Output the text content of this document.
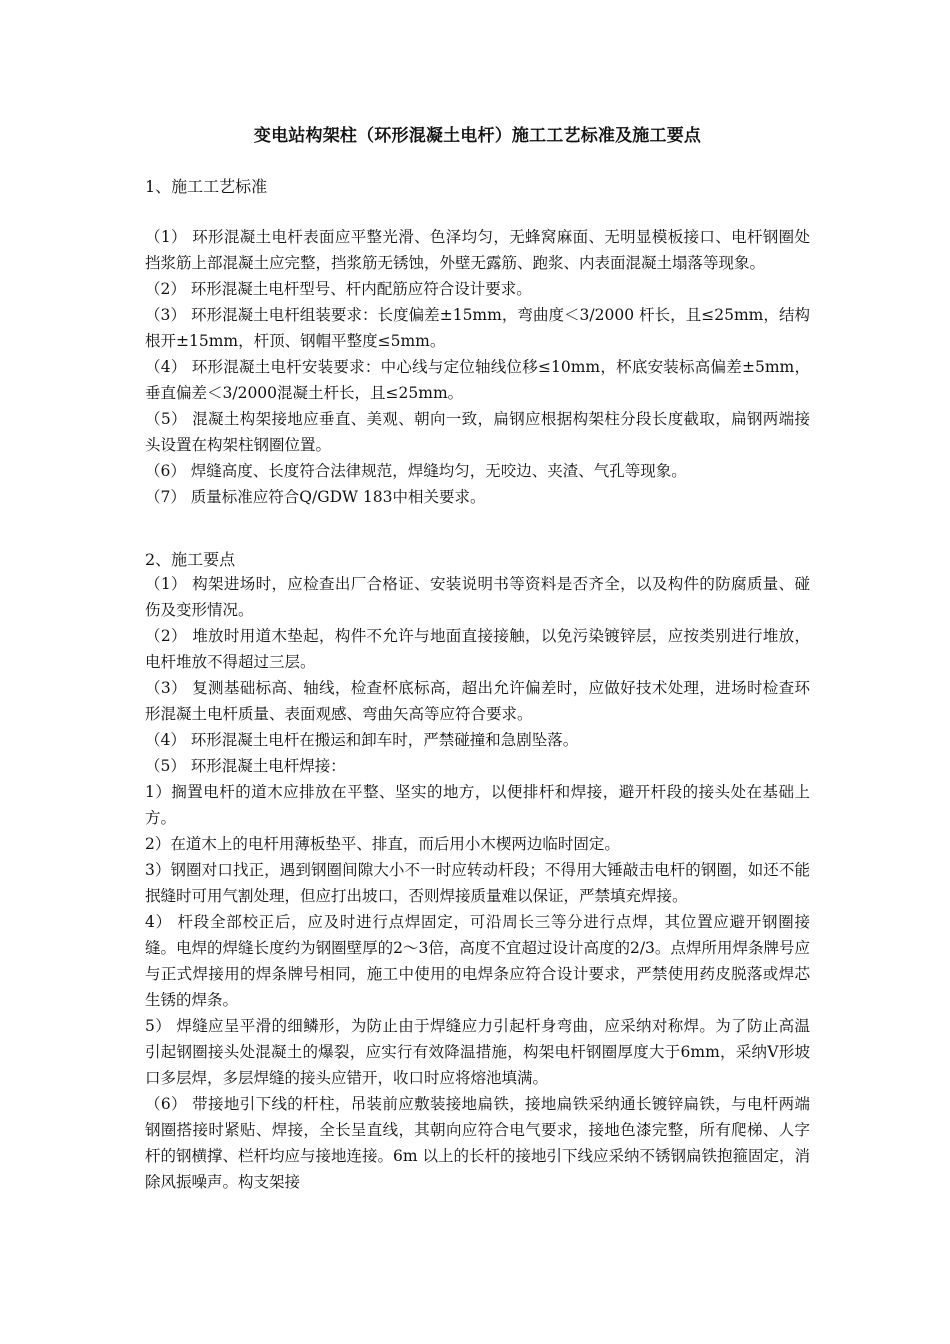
变电站构架柱（环形混凝土电杆）施工工艺标准及施工要点
1、施工工艺标准

（1） 环形混凝土电杆表面应平整光滑、色泽均匀，无蜂窝麻面、无明显模板接口、电杆钢圈处挡浆筋上部混凝土应完整，挡浆筋无锈蚀，外壁无露筋、跑浆、内表面混凝土塌落等现象。

（2） 环形混凝土电杆型号、杆内配筋应符合设计要求。

（3） 环形混凝土电杆组装要求：长度偏差±15mm，弯曲度＜3/2000 杆长，且≤25mm，结构根开±15mm，杆顶、钢帽平整度≤5mm。

（4） 环形混凝土电杆安装要求：中心线与定位轴线位移≤10mm，杯底安装标高偏差±5mm，垂直偏差＜3/2000混凝土杆长，且≤25mm。

（5） 混凝土构架接地应垂直、美观、朝向一致，扁钢应根据构架柱分段长度截取，扁钢两端接头设置在构架柱钢圈位置。

（6） 焊缝高度、长度符合法律规范，焊缝均匀，无咬边、夹渣、气孔等现象。

（7） 质量标准应符合Q/GDW 183中相关要求。

2、施工要点

（1） 构架进场时，应检查出厂合格证、安装说明书等资料是否齐全，以及构件的防腐质量、碰伤及变形情况。

（2） 堆放时用道木垫起，构件不允许与地面直接接触，以免污染镀锌层，应按类别进行堆放，电杆堆放不得超过三层。

（3） 复测基础标高、轴线，检查杯底标高，超出允许偏差时，应做好技术处理，进场时检查环形混凝土电杆质量、表面观感、弯曲矢高等应符合要求。

（4） 环形混凝土电杆在搬运和卸车时，严禁碰撞和急剧坠落。

（5） 环形混凝土电杆焊接：

1）搁置电杆的道木应排放在平整、坚实的地方，以便排杆和焊接，避开杆段的接头处在基础上方。

2）在道木上的电杆用薄板垫平、排直，而后用小木楔两边临时固定。

3）钢圈对口找正，遇到钢圈间隙大小不一时应转动杆段；不得用大锤敲击电杆的钢圈，如还不能抿缝时可用气割处理，但应打出坡口，否则焊接质量难以保证，严禁填充焊接。

4） 杆段全部校正后，应及时进行点焊固定，可沿周长三等分进行点焊，其位置应避开钢圈接缝。电焊的焊缝长度约为钢圈壁厚的2～3倍，高度不宜超过设计高度的2/3。点焊所用焊条牌号应与正式焊接用的焊条牌号相同，施工中使用的电焊条应符合设计要求，严禁使用药皮脱落或焊芯生锈的焊条。

5） 焊缝应呈平滑的细鳞形，为防止由于焊缝应力引起杆身弯曲，应采纳对称焊。为了防止高温引起钢圈接头处混凝土的爆裂，应实行有效降温措施，构架电杆钢圈厚度大于6mm，采纳V形坡口多层焊，多层焊缝的接头应错开，收口时应将熔池填满。

（6） 带接地引下线的杆柱，吊装前应敷装接地扁铁，接地扁铁采纳通长镀锌扁铁，与电杆两端钢圈搭接时紧贴、焊接，全长呈直线，其朝向应符合电气要求，接地色漆完整，所有爬梯、人字杆的钢横撑、栏杆均应与接地连接。6m 以上的长杆的接地引下线应采纳不锈钢扁铁抱箍固定，消除风振噪声。构支架接
